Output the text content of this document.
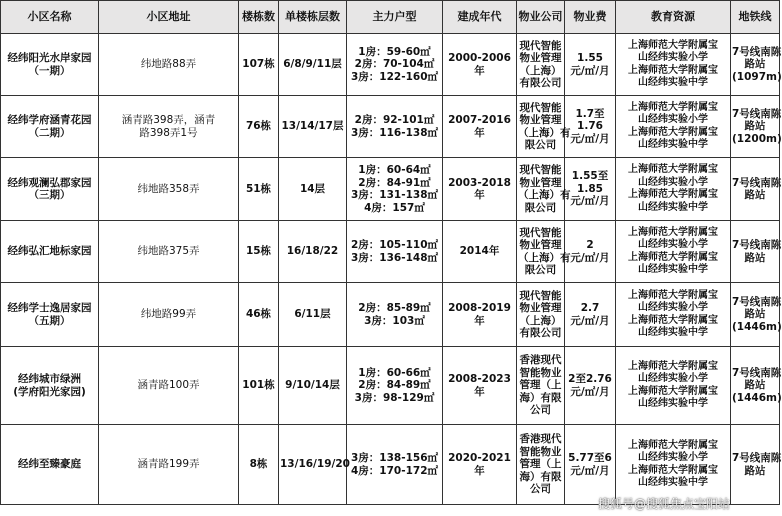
小区名称	小区地址	楼栋数	单楼栋层数	主力户型	建成年代	物业公司	物业费	教育资源	地铁线

经纬阳光水岸家园
（一期）	纬地路88弄	107栋	6/8/9/11层	1房：59-60㎡
2房：70-104㎡
3房：122-160㎡	2000-2006年	现代智能
物业管理
（上海）
有限公司	1.55
元/㎡/月	上海师范大学附属宝
山经纬实验小学
上海师范大学附属宝
山经纬实验中学	7号线南陈
路站
(1097m)

经纬学府涵青花园
（二期）	涵青路398弄，涵青
路398弄1号	76栋	13/14/17层	2房：92-101㎡
3房：116-138㎡	2007-2016年	现代智能
物业管理
（上海）有
限公司	1.7至
1.76
元/㎡/月	上海师范大学附属宝
山经纬实验小学
上海师范大学附属宝
山经纬实验中学	7号线南陈
路站
(1200m)

经纬观澜弘郡家园
（三期）	纬地路358弄	51栋	14层	1房：60-64㎡
2房：84-91㎡
3房：131-138㎡
4房：157㎡	2003-2018年	现代智能
物业管理
（上海）有
限公司	1.55至
1.85
元/㎡/月	上海师范大学附属宝
山经纬实验小学
上海师范大学附属宝
山经纬实验中学	7号线南陈
路站

经纬弘汇地标家园	纬地路375弄	15栋	16/18/22	2房：105-110㎡
3房：136-148㎡	2014年	现代智能
物业管理
（上海）有
限公司	2
元/㎡/月	上海师范大学附属宝
山经纬实验小学
上海师范大学附属宝
山经纬实验中学	7号线南陈
路站

经纬学士逸居家园
（五期）	纬地路99弄	46栋	6/11层	2房：85-89㎡
3房：103㎡	2008-2019年	现代智能
物业管理
（上海）
有限公司	2.7
元/㎡/月	上海师范大学附属宝
山经纬实验小学
上海师范大学附属宝
山经纬实验中学	7号线南陈
路站
(1446m)

经纬城市绿洲
(学府阳光家园)	涵青路100弄	101栋	9/10/14层	1房：60-66㎡
2房：84-89㎡
3房：98-129㎡	2008-2023年	香港现代
智能物业
管理（上
海）有限
公司	2至2.76
元/㎡/月	上海师范大学附属宝
山经纬实验小学
上海师范大学附属宝
山经纬实验中学	7号线南陈
路站
(1446m)

经纬至臻豪庭	涵青路199弄	8栋	13/16/19/20	3房：138-156㎡
4房：170-172㎡	2020-2021年	香港现代
智能物业
管理（上
海）有限
公司	5.77至6
元/㎡/月	上海师范大学附属宝
山经纬实验小学
上海师范大学附属宝
山经纬实验中学	7号线南陈
路站
搜狐号@搜狐焦点宝阳站
